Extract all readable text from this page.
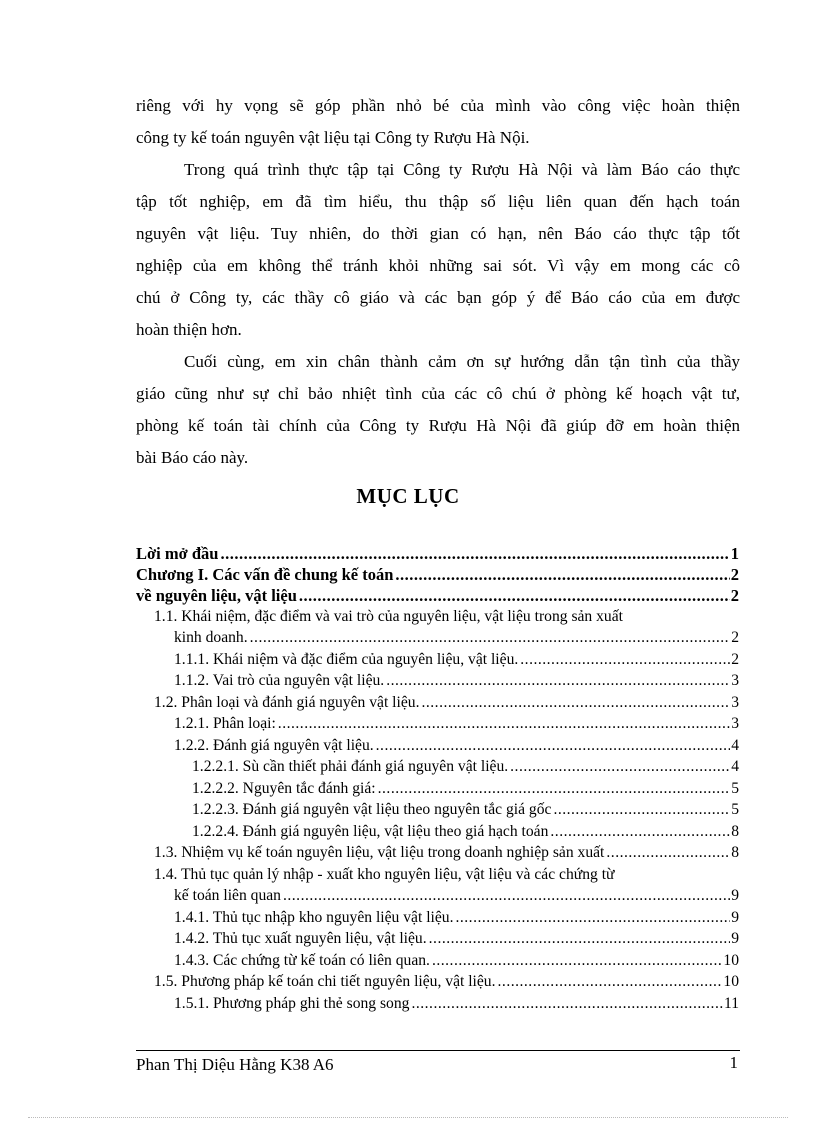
riêng với hy vọng sẽ góp phần nhỏ bé của mình vào công việc hoàn thiện
công ty kế toán nguyên vật liệu tại Công ty Rượu Hà Nội.
Trong quá trình thực tập tại Công ty Rượu Hà Nội và làm Báo cáo thực
tập tốt nghiệp, em đã tìm hiểu, thu thập số liệu liên quan đến hạch toán
nguyên vật liệu. Tuy nhiên, do thời gian có hạn, nên Báo cáo thực tập tốt
nghiệp của em không thể tránh khỏi những sai sót. Vì vậy em mong các cô
chú ở Công ty, các thầy cô giáo và các bạn góp ý để Báo cáo của em được
hoàn thiện hơn.
Cuối cùng, em xin chân thành cảm ơn sự hướng dẫn tận tình của thầy
giáo cũng như sự chỉ bảo nhiệt tình của các cô chú ở phòng kế hoạch vật tư,
phòng kế toán tài chính của Công ty Rượu Hà Nội đã giúp đỡ em hoàn thiện
bài Báo cáo này.
MỤC LỤC
Lời mở đầu .....	1
Chương I. Các vấn đề chung kế toán .....	2
về nguyên liệu, vật liệu .....	2
1.1. Khái niệm, đặc điểm và vai trò của nguyên liệu, vật liệu trong sản xuất
kinh doanh. .....	2
1.1.1. Khái niệm và đặc điểm của nguyên liệu, vật liệu. .....	2
1.1.2. Vai trò của nguyên vật liệu. .....	3
1.2. Phân loại và đánh giá nguyên vật liệu. .....	3
1.2.1. Phân loại: .....	3
1.2.2. Đánh giá nguyên vật liệu. .....	4
1.2.2.1. Sù cần thiết phải đánh giá nguyên vật liệu. .....	4
1.2.2.2. Nguyên tắc đánh giá: .....	5
1.2.2.3. Đánh giá nguyên vật liệu theo nguyên tắc giá gốc .....	5
1.2.2.4. Đánh giá nguyên liệu, vật liệu theo giá hạch toán .....	8
1.3. Nhiệm vụ kế toán nguyên liệu, vật liệu trong doanh nghiệp sản xuất .....	8
1.4. Thủ tục quản lý nhập - xuất kho nguyên liệu, vật liệu và các chứng từ
kế toán liên quan .....	9
1.4.1. Thủ tục nhập kho nguyên liệu vật liệu. .....	9
1.4.2. Thủ tục xuất nguyên liệu, vật liệu. .....	9
1.4.3. Các chứng từ kế toán có liên quan. .....	10
1.5. Phương pháp kế toán chi tiết nguyên liệu, vật liệu. .....	10
1.5.1. Phương pháp ghi thẻ song song .....	11
Phan Thị Diệu Hằng K38 A6	1
